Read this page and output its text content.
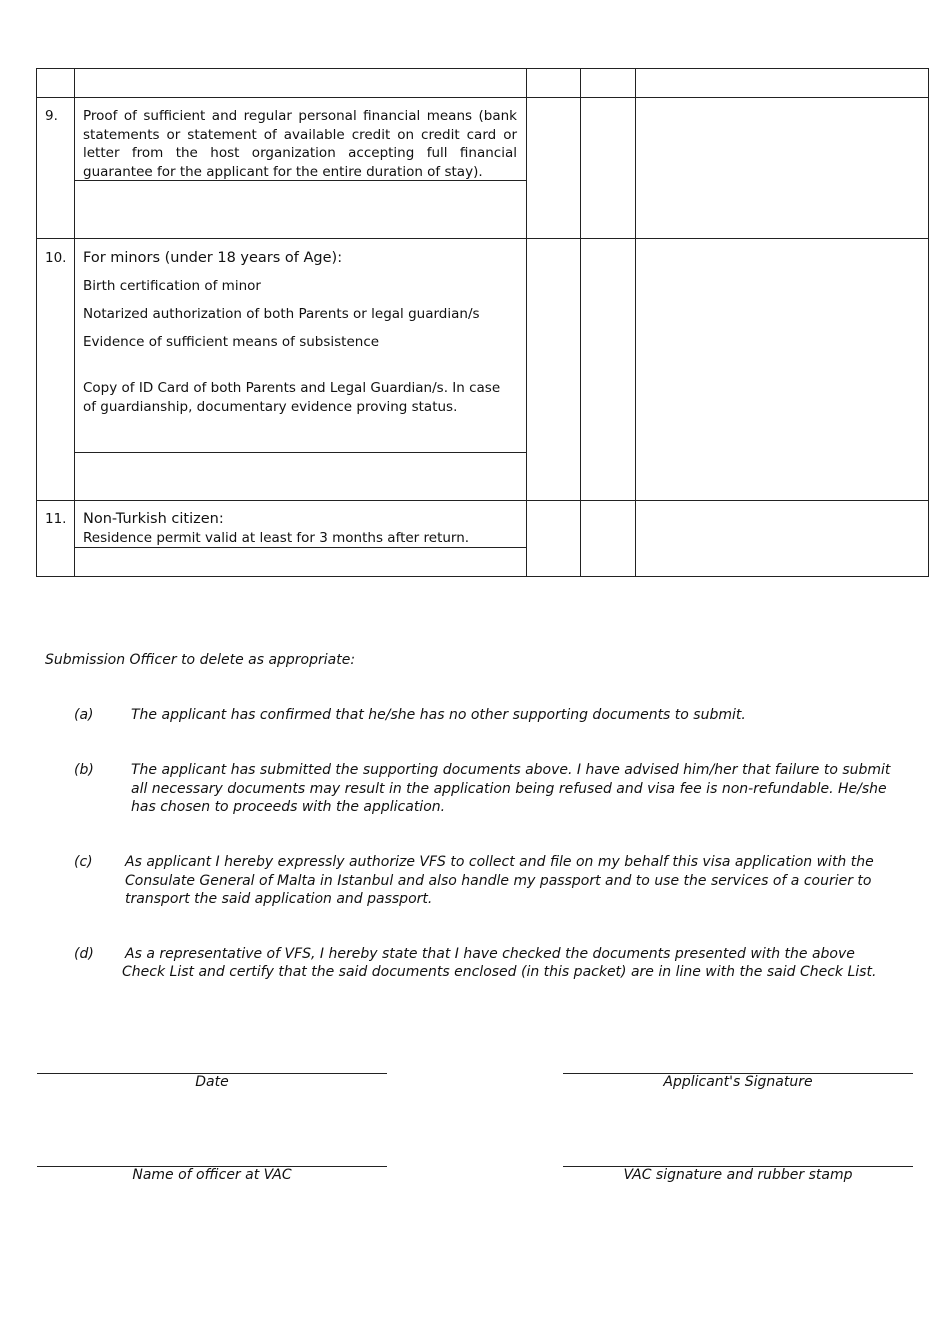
9. Proof of sufficient and regular personal financial means (bank statements or statement of available credit on credit card or letter from the host organization accepting full financial guarantee for the applicant for the entire duration of stay).
10. For minors (under 18 years of Age):
Birth certification of minor
Notarized authorization of both Parents or legal guardian/s
Evidence of sufficient means of subsistence
Copy of ID Card of both Parents and Legal Guardian/s. In case of guardianship, documentary evidence proving status.
11. Non-Turkish citizen:
Residence permit valid at least for 3 months after return.
Submission Officer to delete as appropriate:
(a)	The applicant has confirmed that he/she has no other supporting documents to submit.
(b)	The applicant has submitted the supporting documents above. I have advised him/her that failure to submit all necessary documents may result in the application being refused and visa fee is non-refundable. He/she has chosen to proceeds with the application.
(c) As applicant I hereby expressly authorize VFS to collect and file on my behalf this visa application with the Consulate General of Malta in Istanbul and also handle my passport and to use the services of a courier to transport the said application and passport.
(d) As a representative of VFS, I hereby state that I have checked the documents presented with the above
Check List and certify that the said documents enclosed (in this packet) are in line with the said Check List.
Date	Applicant's Signature
Name of officer at VAC	VAC signature and rubber stamp
